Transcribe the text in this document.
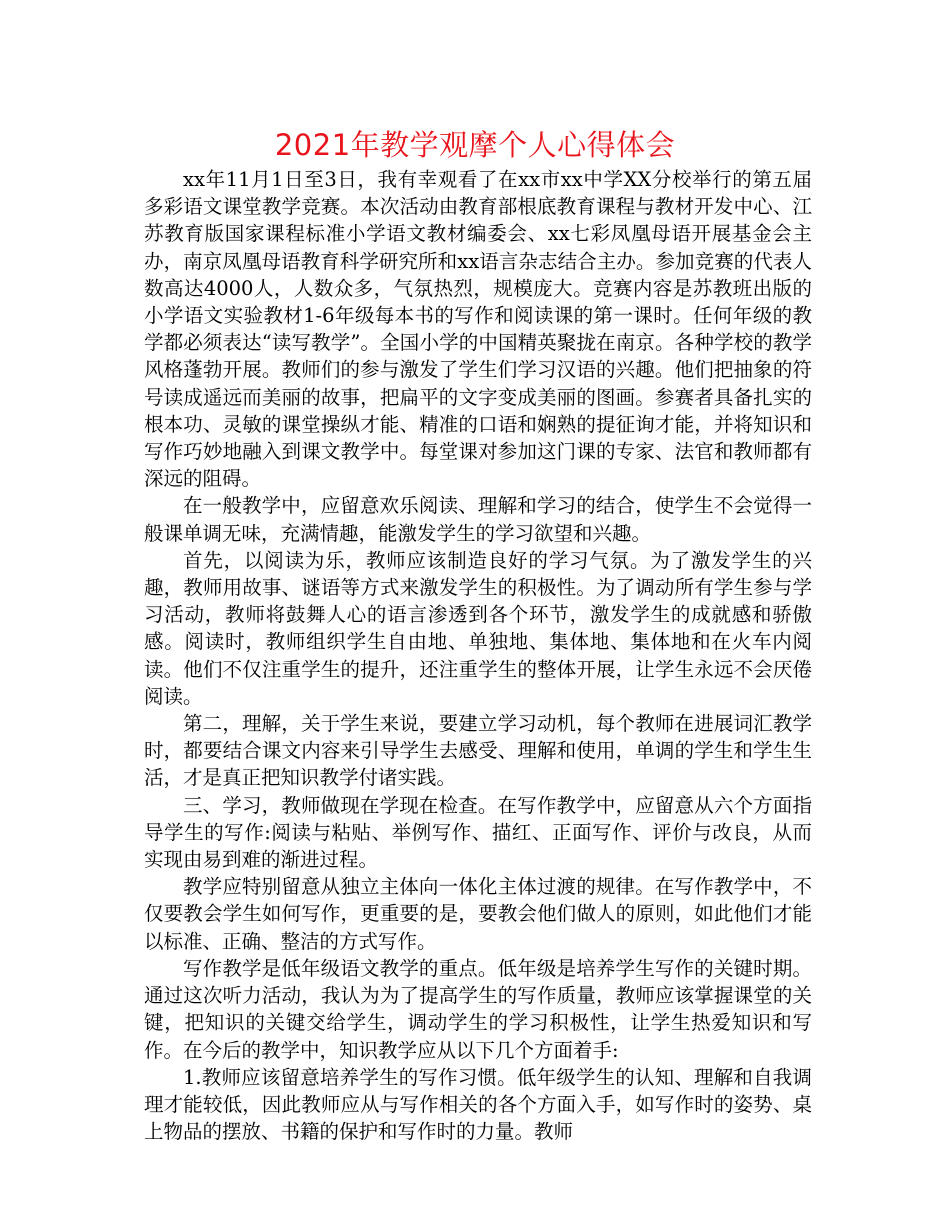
2021年教学观摩个人心得体会

xx年11月1日至3日，我有幸观看了在xx市xx中学XX分校举行的第五届多彩语文课堂教学竞赛。本次活动由教育部根底教育课程与教材开发中心、江苏教育版国家课程标准小学语文教材编委会、xx七彩凤凰母语开展基金会主办，南京凤凰母语教育科学研究所和xx语言杂志结合主办。参加竞赛的代表人数高达4000人，人数众多，气氛热烈，规模庞大。竞赛内容是苏教班出版的小学语文实验教材1-6年级每本书的写作和阅读课的第一课时。任何年级的教学都必须表达“读写教学”。全国小学的中国精英聚拢在南京。各种学校的教学风格蓬勃开展。教师们的参与激发了学生们学习汉语的兴趣。他们把抽象的符号读成遥远而美丽的故事，把扁平的文字变成美丽的图画。参赛者具备扎实的根本功、灵敏的课堂操纵才能、精准的口语和娴熟的提征询才能，并将知识和写作巧妙地融入到课文教学中。每堂课对参加这门课的专家、法官和教师都有深远的阻碍。

在一般教学中，应留意欢乐阅读、理解和学习的结合，使学生不会觉得一般课单调无味，充满情趣，能激发学生的学习欲望和兴趣。

首先，以阅读为乐，教师应该制造良好的学习气氛。为了激发学生的兴趣，教师用故事、谜语等方式来激发学生的积极性。为了调动所有学生参与学习活动，教师将鼓舞人心的语言渗透到各个环节，激发学生的成就感和骄傲感。阅读时，教师组织学生自由地、单独地、集体地、集体地和在火车内阅读。他们不仅注重学生的提升，还注重学生的整体开展，让学生永远不会厌倦阅读。

第二，理解，关于学生来说，要建立学习动机，每个教师在进展词汇教学时，都要结合课文内容来引导学生去感受、理解和使用，单调的学生和学生生活，才是真正把知识教学付诸实践。

三、学习，教师做现在学现在检查。在写作教学中，应留意从六个方面指导学生的写作:阅读与粘贴、举例写作、描红、正面写作、评价与改良，从而实现由易到难的渐进过程。

教学应特别留意从独立主体向一体化主体过渡的规律。在写作教学中，不仅要教会学生如何写作，更重要的是，要教会他们做人的原则，如此他们才能以标准、正确、整洁的方式写作。

写作教学是低年级语文教学的重点。低年级是培养学生写作的关键时期。通过这次听力活动，我认为为了提高学生的写作质量，教师应该掌握课堂的关键，把知识的关键交给学生，调动学生的学习积极性，让学生热爱知识和写作。在今后的教学中，知识教学应从以下几个方面着手:

1.教师应该留意培养学生的写作习惯。低年级学生的认知、理解和自我调理才能较低，因此教师应从与写作相关的各个方面入手，如写作时的姿势、桌上物品的摆放、书籍的保护和写作时的力量。教师
